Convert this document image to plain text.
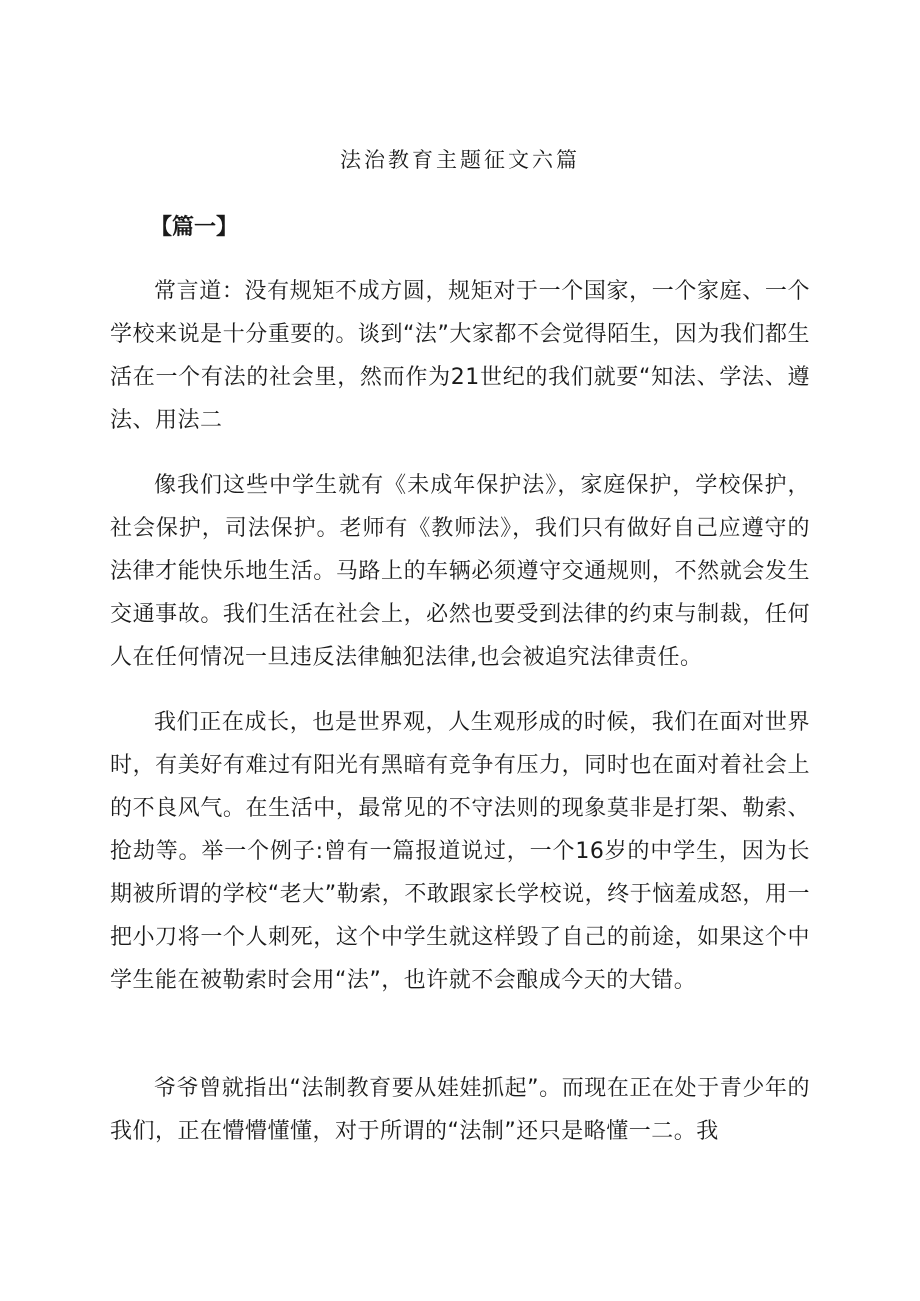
法治教育主题征文六篇
【篇一】

常言道：没有规矩不成方圆，规矩对于一个国家，一个家庭、一个学校来说是十分重要的。谈到“法”大家都不会觉得陌生，因为我们都生活在一个有法的社会里，然而作为21世纪的我们就要“知法、学法、遵法、用法二

像我们这些中学生就有《未成年保护法》，家庭保护，学校保护，社会保护，司法保护。老师有《教师法》，我们只有做好自己应遵守的法律才能快乐地生活。马路上的车辆必须遵守交通规则，不然就会发生交通事故。我们生活在社会上，必然也要受到法律的约束与制裁，任何人在任何情况一旦违反法律触犯法律,也会被追究法律责任。

我们正在成长，也是世界观，人生观形成的时候，我们在面对世界时，有美好有难过有阳光有黑暗有竞争有压力，同时也在面对着社会上的不良风气。在生活中，最常见的不守法则的现象莫非是打架、勒索、抢劫等。举一个例子:曾有一篇报道说过，一个16岁的中学生，因为长期被所谓的学校“老大”勒索，不敢跟家长学校说，终于恼羞成怒，用一把小刀将一个人刺死，这个中学生就这样毁了自己的前途，如果这个中学生能在被勒索时会用“法”，也许就不会酿成今天的大错。

爷爷曾就指出“法制教育要从娃娃抓起”。而现在正在处于青少年的我们，正在懵懵懂懂，对于所谓的“法制”还只是略懂一二。我
